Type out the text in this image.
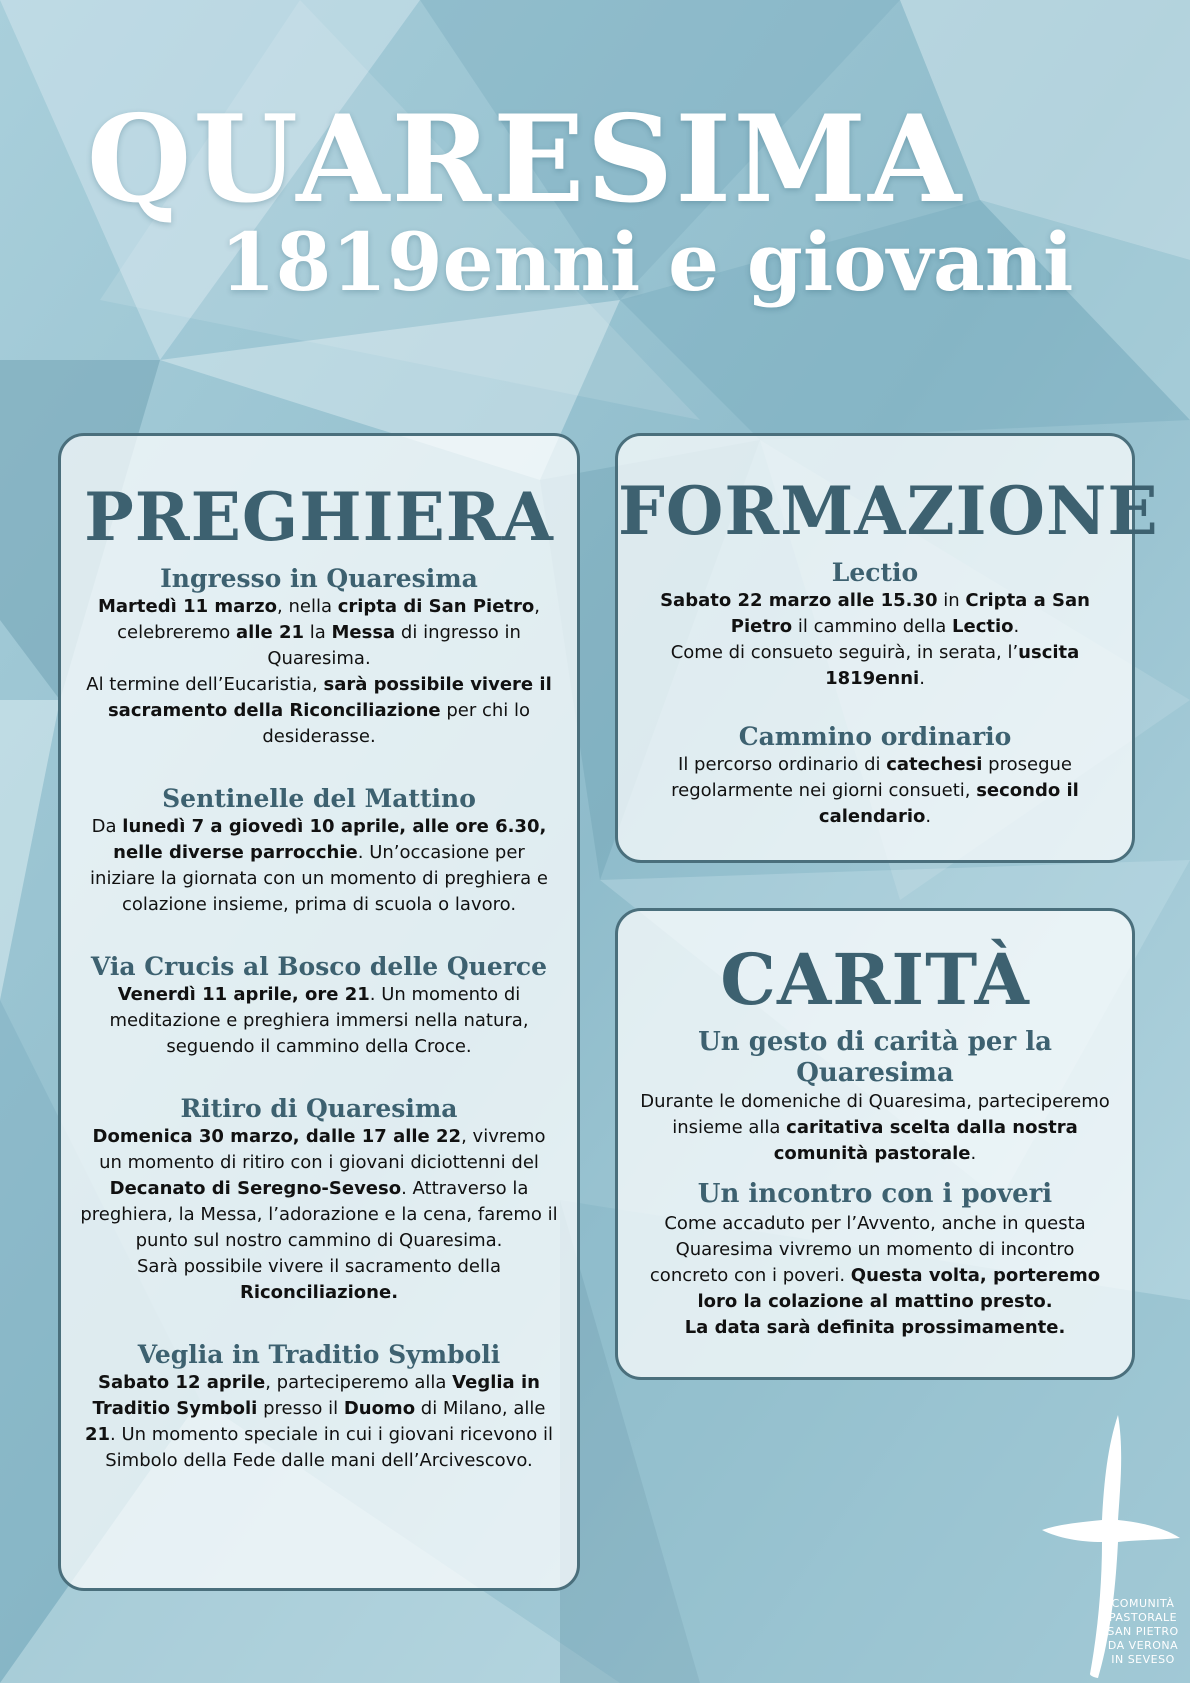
QUARESIMA
1819enni e giovani
PREGHIERA
Ingresso in Quaresima
Martedì 11 marzo, nella cripta di San Pietro, celebreremo alle 21 la Messa di ingresso in Quaresima.
Al termine dell’Eucaristia, sarà possibile vivere il sacramento della Riconciliazione per chi lo desiderasse.
Sentinelle del Mattino
Da lunedì 7 a giovedì 10 aprile, alle ore 6.30, nelle diverse parrocchie. Un’occasione per iniziare la giornata con un momento di preghiera e colazione insieme, prima di scuola o lavoro.
Via Crucis al Bosco delle Querce
Venerdì 11 aprile, ore 21. Un momento di meditazione e preghiera immersi nella natura, seguendo il cammino della Croce.
Ritiro di Quaresima
Domenica 30 marzo, dalle 17 alle 22, vivremo un momento di ritiro con i giovani diciottenni del Decanato di Seregno-Seveso. Attraverso la preghiera, la Messa, l’adorazione e la cena, faremo il punto sul nostro cammino di Quaresima.
Sarà possibile vivere il sacramento della Riconciliazione.
Veglia in Traditio Symboli
Sabato 12 aprile, parteciperemo alla Veglia in Traditio Symboli presso il Duomo di Milano, alle 21. Un momento speciale in cui i giovani ricevono il Simbolo della Fede dalle mani dell’Arcivescovo.
FORMAZIONE
Lectio
Sabato 22 marzo alle 15.30 in Cripta a San Pietro il cammino della Lectio.
Come di consueto seguirà, in serata, l’uscita 1819enni.
Cammino ordinario
Il percorso ordinario di catechesi prosegue regolarmente nei giorni consueti, secondo il calendario.
CARITÀ
Un gesto di carità per la Quaresima
Durante le domeniche di Quaresima, parteciperemo insieme alla caritativa scelta dalla nostra comunità pastorale.
Un incontro con i poveri
Come accaduto per l’Avvento, anche in questa Quaresima vivremo un momento di incontro concreto con i poveri. Questa volta, porteremo loro la colazione al mattino presto.
La data sarà definita prossimamente.
COMUNITÀ
PASTORALE
SAN PIETRO
DA VERONA
IN SEVESO
